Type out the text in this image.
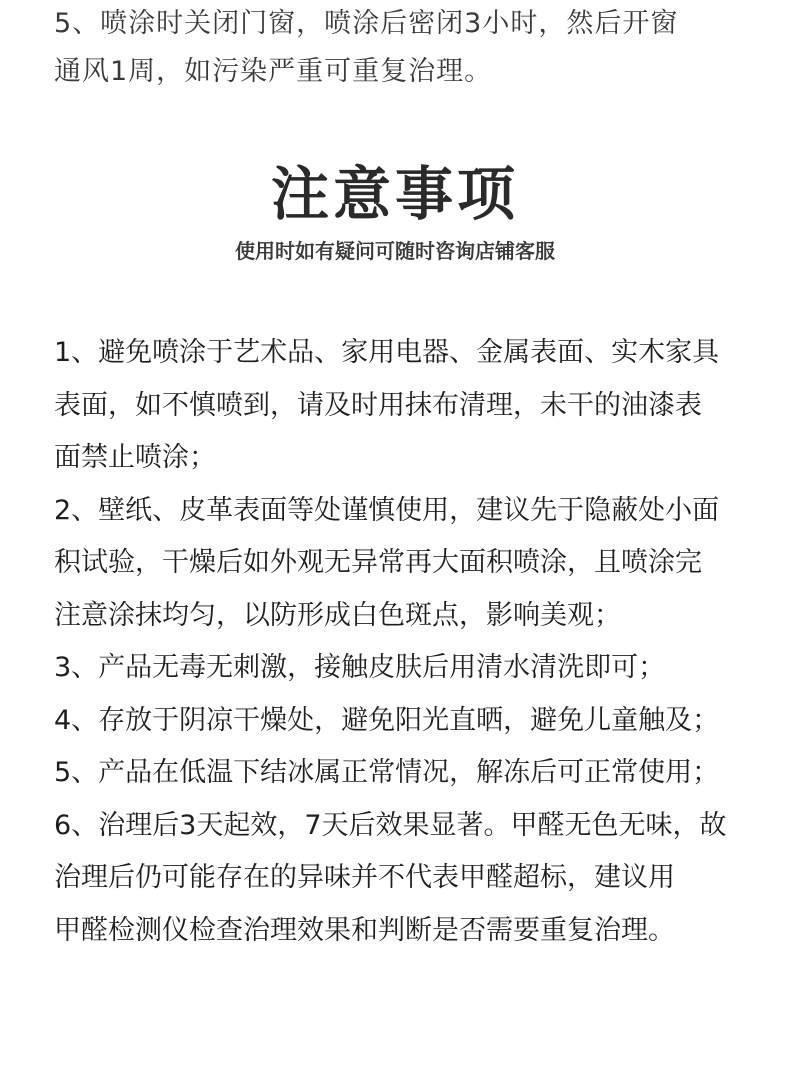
5、喷涂时关闭门窗，喷涂后密闭3小时，然后开窗
通风1周，如污染严重可重复治理。
注意事项
使用时如有疑问可随时咨询店铺客服
1、避免喷涂于艺术品、家用电器、金属表面、实木家具
表面，如不慎喷到，请及时用抹布清理，未干的油漆表
面禁止喷涂；
2、壁纸、皮革表面等处谨慎使用，建议先于隐蔽处小面
积试验，干燥后如外观无异常再大面积喷涂，且喷涂完
注意涂抹均匀，以防形成白色斑点，影响美观；
3、产品无毒无刺激，接触皮肤后用清水清洗即可；
4、存放于阴凉干燥处，避免阳光直晒，避免儿童触及；
5、产品在低温下结冰属正常情况，解冻后可正常使用；
6、治理后3天起效，7天后效果显著。甲醛无色无味，故
治理后仍可能存在的异味并不代表甲醛超标，建议用
甲醛检测仪检查治理效果和判断是否需要重复治理。
